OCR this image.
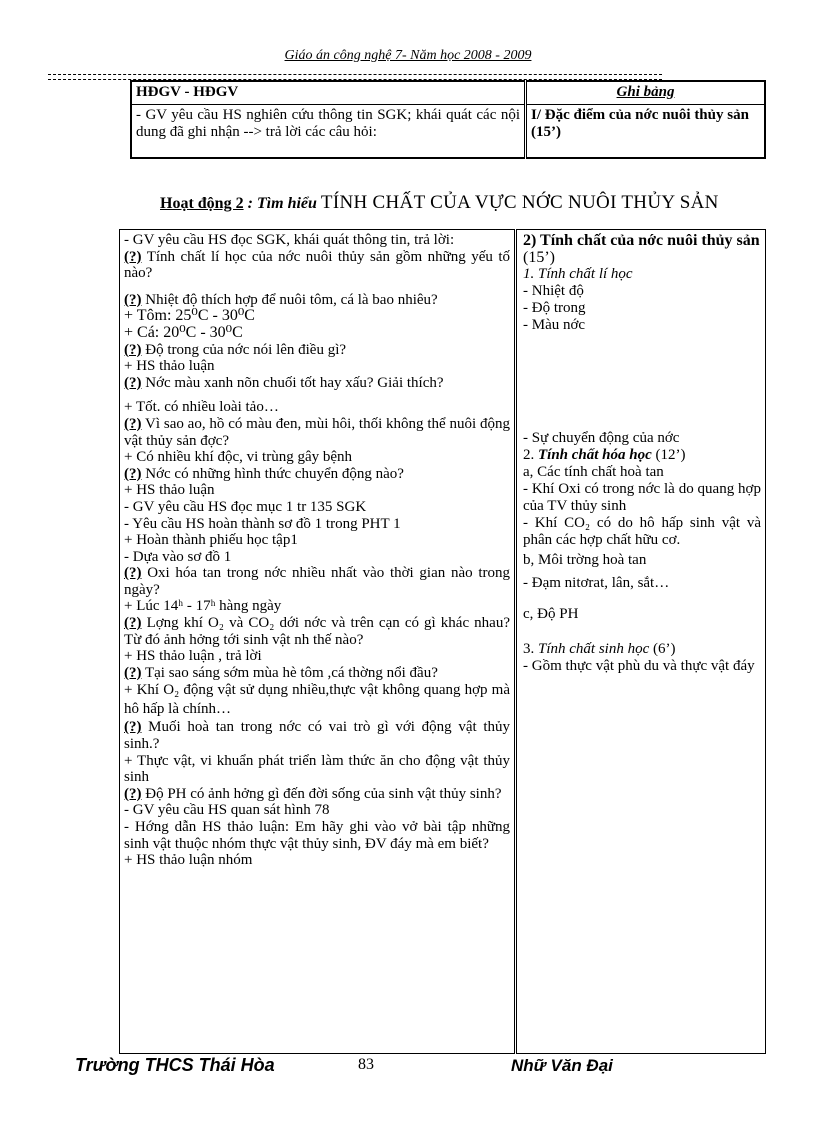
Giáo án công nghệ 7- Năm học 2008 - 2009
HĐGV - HĐGV	Ghi bảng
- GV yêu cầu HS nghiên cứu thông tin SGK; khái quát các nội dung đã ghi nhận --> trả lời các câu hỏi:	I/ Đặc điểm của nớc nuôi thủy sản (15’)
Hoạt động 2 : Tìm hiểu TÍNH CHẤT CỦA VỰC NỚC NUÔI THỦY SẢN
- GV yêu cầu HS đọc SGK, khái quát thông tin, trả lời:
(?) Tính chất lí học của nớc nuôi thủy sản gồm những yếu tố nào?
(?) Nhiệt độ thích hợp để nuôi tôm, cá là bao nhiêu?
+ Tôm: 25⁰C - 30⁰C
+ Cá: 20⁰C - 30⁰C
(?) Độ trong của nớc nói lên điều gì?
+ HS thảo luận
(?) Nớc màu xanh nõn chuối tốt hay xấu? Giải thích?
+ Tốt. có nhiều loài tảo…
(?) Vì sao ao, hồ có màu đen, mùi hôi, thối không thể nuôi động vật thủy sản đợc?
+ Có nhiều khí độc, vi trùng gây bệnh
(?) Nớc có những hình thức chuyển động nào?
+ HS thảo luận
- GV yêu cầu HS đọc mục 1 tr 135 SGK
- Yêu cầu HS hoàn thành sơ đồ 1 trong PHT 1
+ Hoàn thành phiếu học tập1
- Dựa vào sơ đồ 1
(?) Oxi hóa tan trong nớc nhiều nhất vào thời gian nào trong ngày?
+ Lúc 14ʰ - 17ʰ hàng ngày
(?) Lợng khí O₂ và CO₂ dới nớc và trên cạn có gì khác nhau? Từ đó ảnh hởng tới sinh vật nh thế nào?
+ HS thảo luận , trả lời
(?) Tại sao sáng sớm mùa hè tôm ,cá thờng nổi đầu?
+ Khí O₂ động vật sử dụng nhiều,thực vật không quang hợp mà hô hấp là chính…
(?) Muối hoà tan trong nớc có vai trò gì với động vật thủy sinh.?
+ Thực vật, vi khuẩn phát triển làm thức ăn cho động vật thủy sinh
(?) Độ PH có ảnh hởng gì đến đời sống của sinh vật thủy sinh?
- GV yêu cầu HS quan sát hình 78
- Hớng dẫn HS thảo luận: Em hãy ghi vào vở bài tập những sinh vật thuộc nhóm thực vật thủy sinh, ĐV đáy mà em biết?
+ HS thảo luận nhóm

2) Tính chất của nớc nuôi thủy sản (15’)
1. Tính chất lí học
- Nhiệt độ
- Độ trong
- Màu nớc
- Sự chuyển động của nớc
2. Tính chất hóa học (12’)
a, Các tính chất hoà tan
- Khí Oxi có trong nớc là do quang hợp của TV thủy sinh
- Khí CO₂ có do hô hấp sinh vật và phân các hợp chất hữu cơ.
b, Môi trờng hoà tan
- Đạm nitơrat, lân, sắt…
c, Độ PH
3. Tính chất sinh học (6’)
- Gồm thực vật phù du và thực vật đáy
Trường THCS Thái Hòa	83	Nhữ Văn Đại
